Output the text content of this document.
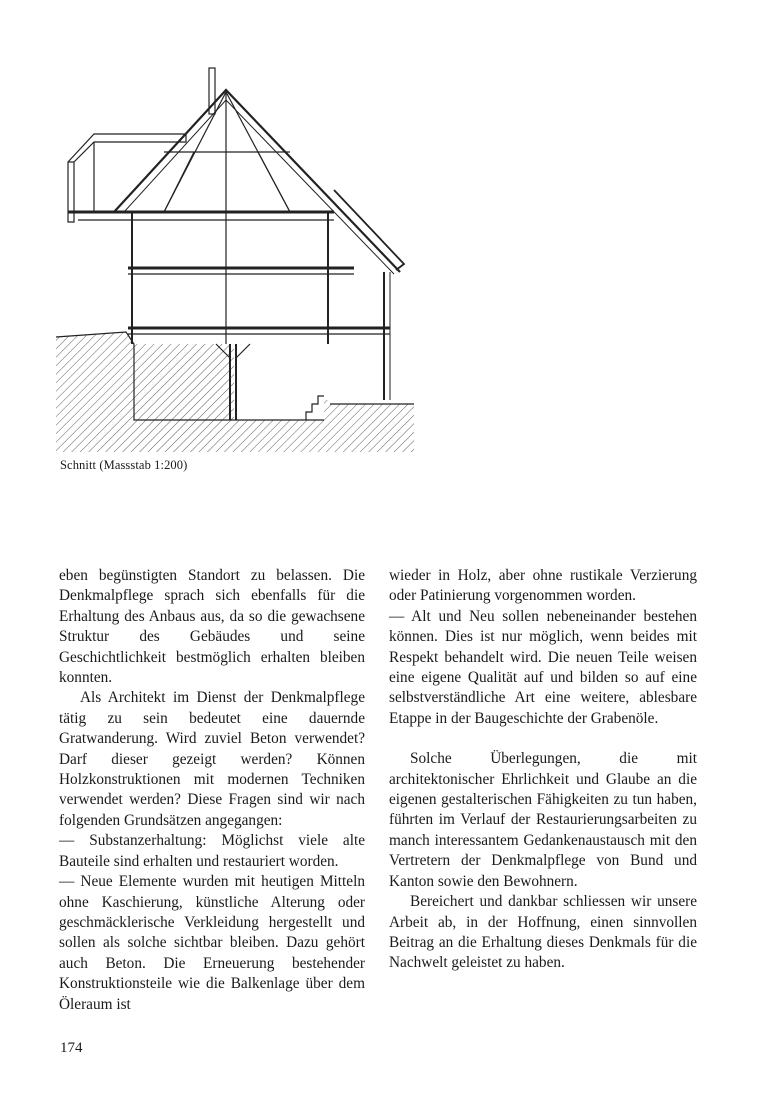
Schnitt (Massstab 1:200)

eben begünstigten Standort zu belassen. Die Denkmalpflege sprach sich ebenfalls für die Erhaltung des Anbaus aus, da so die gewachsene Struktur des Gebäudes und seine Geschichtlichkeit bestmöglich erhalten bleiben konnten.

Als Architekt im Dienst der Denkmalpflege tätig zu sein bedeutet eine dauernde Gratwanderung. Wird zuviel Beton verwendet? Darf dieser gezeigt werden? Können Holzkonstruktionen mit modernen Techniken verwendet werden? Diese Fragen sind wir nach folgenden Grundsätzen angegangen:

— Substanzerhaltung: Möglichst viele alte Bauteile sind erhalten und restauriert worden.

— Neue Elemente wurden mit heutigen Mitteln ohne Kaschierung, künstliche Alterung oder geschmäcklerische Verkleidung hergestellt und sollen als solche sichtbar bleiben. Dazu gehört auch Beton. Die Erneuerung bestehender Konstruktionsteile wie die Balkenlage über dem Öleraum ist

wieder in Holz, aber ohne rustikale Verzierung oder Patinierung vorgenommen worden.

— Alt und Neu sollen nebeneinander bestehen können. Dies ist nur möglich, wenn beides mit Respekt behandelt wird. Die neuen Teile weisen eine eigene Qualität auf und bilden so auf eine selbstverständliche Art eine weitere, ablesbare Etappe in der Baugeschichte der Grabenöle.

Solche Überlegungen, die mit architektonischer Ehrlichkeit und Glaube an die eigenen gestalterischen Fähigkeiten zu tun haben, führten im Verlauf der Restaurierungsarbeiten zu manch interessantem Gedankenaustausch mit den Vertretern der Denkmalpflege von Bund und Kanton sowie den Bewohnern.

Bereichert und dankbar schliessen wir unsere Arbeit ab, in der Hoffnung, einen sinnvollen Beitrag an die Erhaltung dieses Denkmals für die Nachwelt geleistet zu haben.

174
